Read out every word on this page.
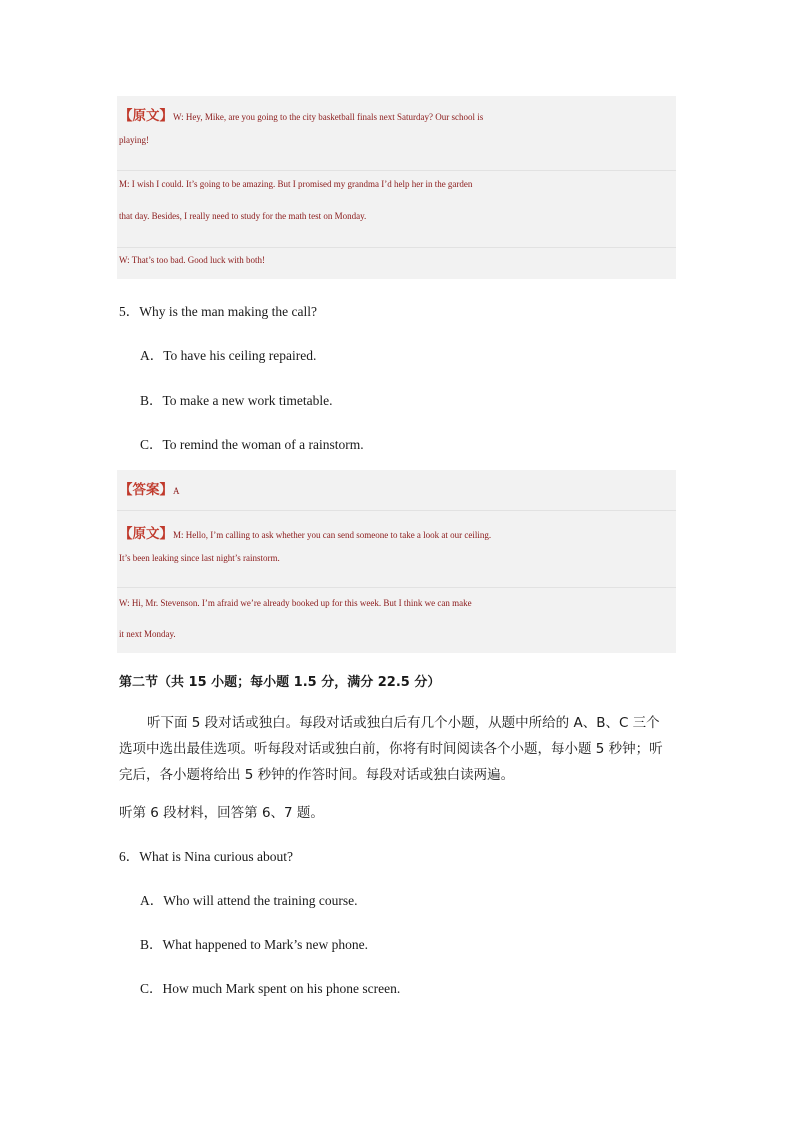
【原文】W: Hey, Mike, are you going to the city basketball finals next Saturday? Our school is
playing!
M: I wish I could. It’s going to be amazing. But I promised my grandma I’d help her in the garden
that day. Besides, I really need to study for the math test on Monday.
W: That’s too bad. Good luck with both!
5．Why is the man making the call?
A．To have his ceiling repaired.
B．To make a new work timetable.
C．To remind the woman of a rainstorm.
【答案】A
【原文】M: Hello, I’m calling to ask whether you can send someone to take a look at our ceiling.
It’s been leaking since last night’s rainstorm.
W: Hi, Mr. Stevenson. I’m afraid we’re already booked up for this week. But I think we can make
it next Monday.
第二节（共 15 小题；每小题 1.5 分，满分 22.5 分）
听下面 5 段对话或独白。每段对话或独白后有几个小题，从题中所给的 A、B、C 三个
选项中选出最佳选项。听每段对话或独白前，你将有时间阅读各个小题，每小题 5 秒钟；听
完后，各小题将给出 5 秒钟的作答时间。每段对话或独白读两遍。
听第 6 段材料，回答第 6、7 题。
6．What is Nina curious about?
A．Who will attend the training course.
B．What happened to Mark’s new phone.
C．How much Mark spent on his phone screen.
